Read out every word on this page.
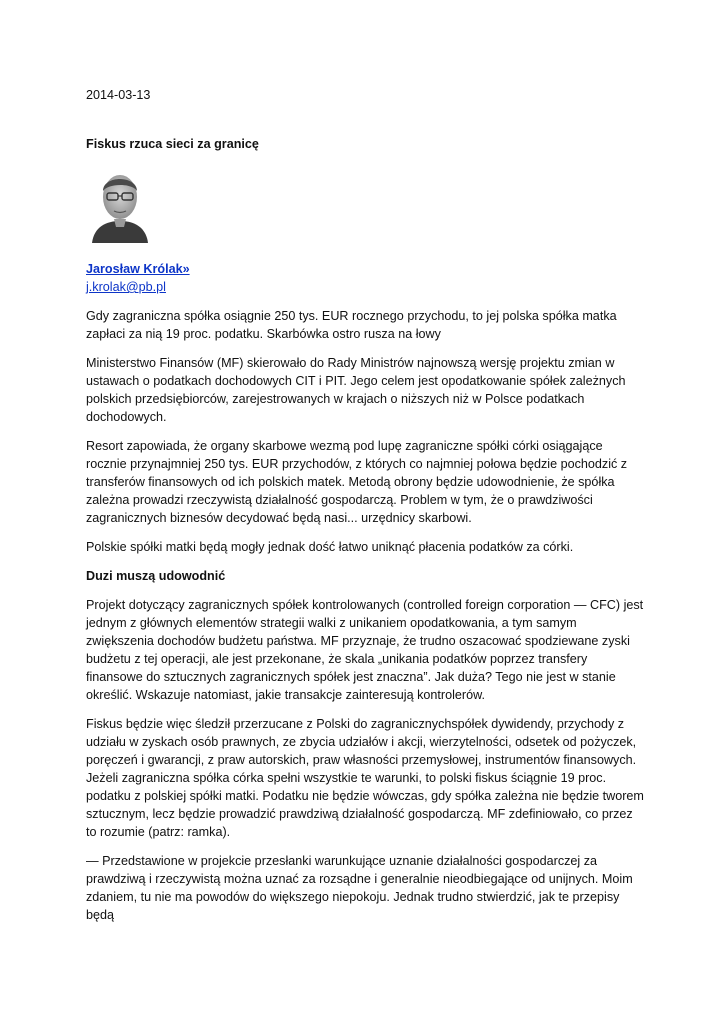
2014-03-13
Fiskus rzuca sieci za granicę
Jarosław Królak»
j.krolak@pb.pl

Gdy zagraniczna spółka osiągnie 250 tys. EUR rocznego przychodu, to jej polska spółka matka zapłaci za nią 19 proc. podatku. Skarbówka ostro rusza na łowy

Ministerstwo Finansów (MF) skierowało do Rady Ministrów najnowszą wersję projektu zmian w ustawach o podatkach dochodowych CIT i PIT. Jego celem jest opodatkowanie spółek zależnych polskich przedsiębiorców, zarejestrowanych w krajach o niższych niż w Polsce podatkach dochodowych.

Resort zapowiada, że organy skarbowe wezmą pod lupę zagraniczne spółki córki osiągające rocznie przynajmniej 250 tys. EUR przychodów, z których co najmniej połowa będzie pochodzić z transferów finansowych od ich polskich matek. Metodą obrony będzie udowodnienie, że spółka zależna prowadzi rzeczywistą działalność gospodarczą. Problem w tym, że o prawdziwości zagranicznych biznesów decydować będą nasi... urzędnicy skarbowi.

Polskie spółki matki będą mogły jednak dość łatwo uniknąć płacenia podatków za córki.

Duzi muszą udowodnić

Projekt dotyczący zagranicznych spółek kontrolowanych (controlled foreign corporation — CFC) jest jednym z głównych elementów strategii walki z unikaniem opodatkowania, a tym samym zwiększenia dochodów budżetu państwa. MF przyznaje, że trudno oszacować spodziewane zyski budżetu z tej operacji, ale jest przekonane, że skala „unikania podatków poprzez transfery finansowe do sztucznych zagranicznych spółek jest znaczna”. Jak duża? Tego nie jest w stanie określić. Wskazuje natomiast, jakie transakcje zainteresują kontrolerów.

Fiskus będzie więc śledził przerzucane z Polski do zagranicznychspółek dywidendy, przychody z udziału w zyskach osób prawnych, ze zbycia udziałów i akcji, wierzytelności, odsetek od pożyczek, poręczeń i gwarancji, z praw autorskich, praw własności przemysłowej, instrumentów finansowych. Jeżeli zagraniczna spółka córka spełni wszystkie te warunki, to polski fiskus ściągnie 19 proc. podatku z polskiej spółki matki. Podatku nie będzie wówczas, gdy spółka zależna nie będzie tworem sztucznym, lecz będzie prowadzić prawdziwą działalność gospodarczą. MF zdefiniowało, co przez to rozumie (patrz: ramka).

— Przedstawione w projekcie przesłanki warunkujące uznanie działalności gospodarczej za prawdziwą i rzeczywistą można uznać za rozsądne i generalnie nieodbiegające od unijnych. Moim zdaniem, tu nie ma powodów do większego niepokoju. Jednak trudno stwierdzić, jak te przepisy będą
